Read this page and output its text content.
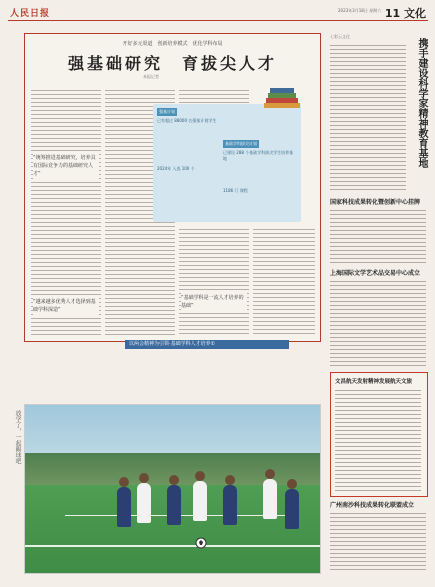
人民日报	2023年3月18日 星期六 11 文化
开好多元渠道　创新培养模式　优化学科布局
强基础研究　育拔尖人才
本报记者
“统筹推进基础研究，培养具有国际竞争力的基础研究人才”
“越来越多优秀人才选择到基础学科深造”
“基础学科是一流人才培养的基础”
以两会精神为引领·基础学科人才培养①
强基计划
已有超过 88000 名强基计划学生
基础学科拔尖计划
已建设 288 个基础学科拔尖学生培养基地
2024年 入选 100 个
1186 门 课程
放学了，一起踢球吧
七彩云文化
携手建设科学家精神教育基地
国家科技成果转化暨创新中心挂牌
上海国际文学艺术品交易中心成立
文昌航天发射精神发展航天文旅
广州南沙科技成果转化联盟成立
